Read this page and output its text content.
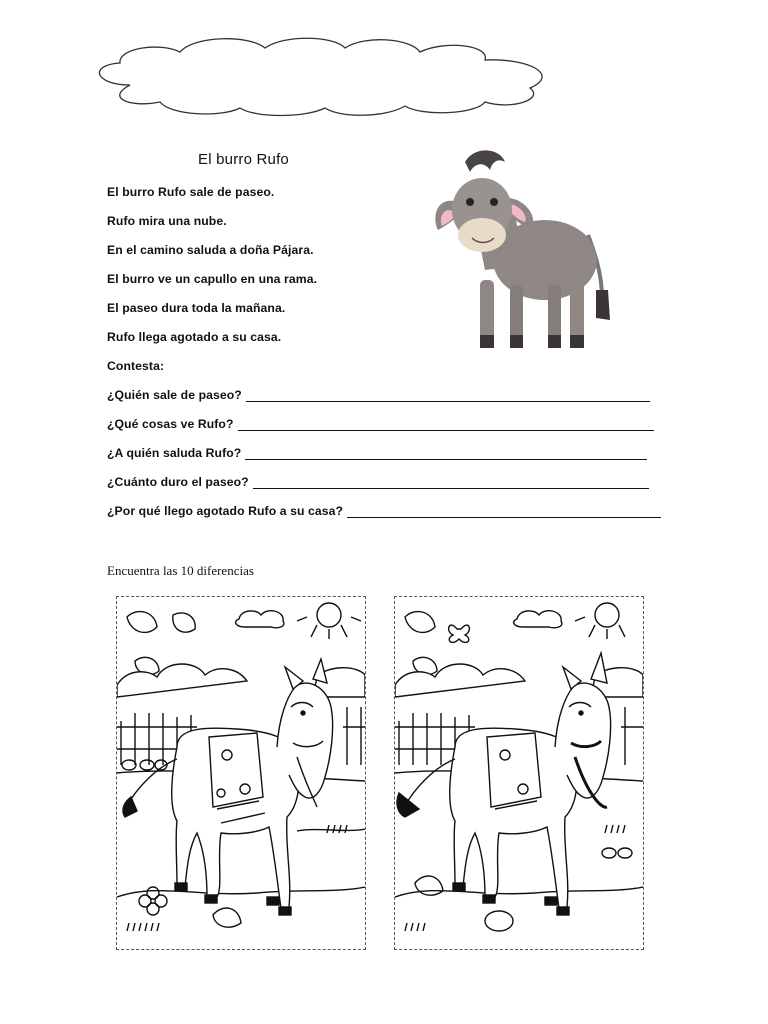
El burro Rufo
El burro Rufo sale de paseo.
Rufo mira una nube.
En el camino saluda a doña Pájara.
El burro ve un capullo en una rama.
El paseo dura toda la mañana.
Rufo llega agotado a su casa.
Contesta:
¿Quién sale de paseo?
¿Qué cosas ve Rufo?
¿A quién saluda Rufo?
¿Cuánto duro el paseo?
¿Por qué llego agotado Rufo a su casa?
Encuentra las 10 diferencias
